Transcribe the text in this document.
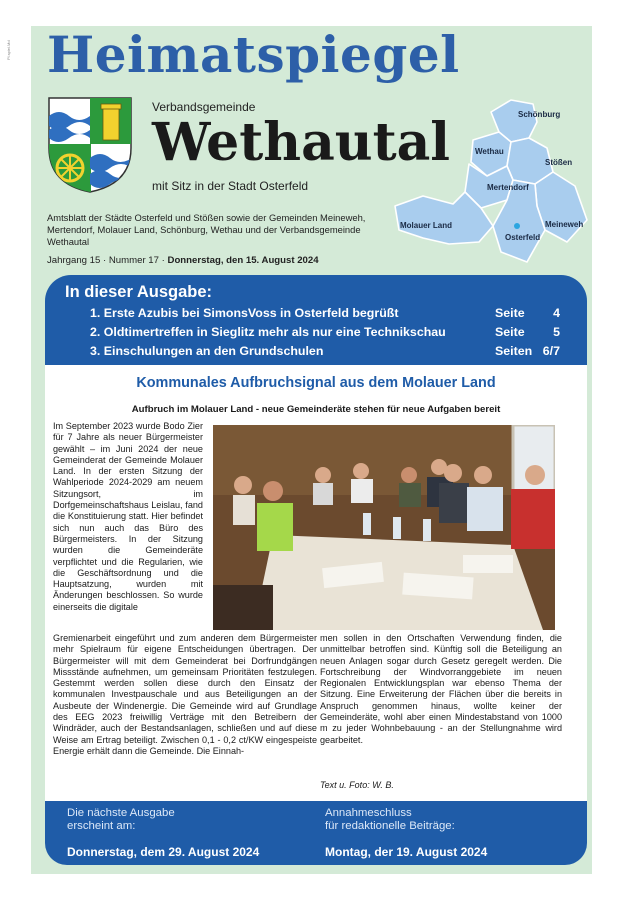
Pl.spiel.Md Heimatspiegel
Verbandsgemeinde
Wethautal
mit Sitz in der Stadt Osterfeld
Schönburg
Wethau
Stößen
Mertendorf
Meineweh
Molauer Land
Osterfeld
Amtsblatt der Städte Osterfeld und Stößen sowie der Gemeinden Meineweh, Mertendorf, Molauer Land, Schönburg, Wethau und der Verbandsgemeinde Wethautal
Jahrgang 15 · Nummer 17 · Donnerstag, den 15. August 2024
In dieser Ausgabe:
1. Erste Azubis bei SimonsVoss in Osterfeld begrüßt	Seite 4
2. Oldtimertreffen in Sieglitz mehr als nur eine Technikschau	Seite 5
3. Einschulungen an den Grundschulen	Seiten 6/7
Kommunales Aufbruchsignal aus dem Molauer Land
Aufbruch im Molauer Land - neue Gemeinderäte stehen für neue Aufgaben bereit
Im September 2023 wurde Bodo Zier für 7 Jahre als neuer Bürgermeister gewählt – im Juni 2024 der neue Gemeinderat der Gemeinde Molauer Land. In der ersten Sitzung der Wahlperiode 2024-2029 am neuem Sitzungsort, im Dorfgemeinschaftshaus Leislau, fand die Konstituierung statt. Hier befindet sich nun auch das Büro des Bürgermeisters. In der Sitzung wurden die Gemeinderäte verpflichtet und die Regularien, wie die Geschäftsordnung und die Hauptsatzung, wurden mit Änderungen beschlossen. So wurde einerseits die digitale
Gremienarbeit eingeführt und zum anderen dem Bürgermeister mehr Spielraum für eigene Entscheidungen übertragen. Der Bürgermeister will mit dem Gemeinderat bei Dorfrundgängen Missstände aufnehmen, um gemeinsam Prioritäten festzulegen. Gestemmt werden sollen diese durch den Einsatz der kommunalen Investpauschale und aus Beteiligungen an der Ausbeute der Windenergie. Die Gemeinde wird auf Grundlage des EEG 2023 freiwillig Verträge mit den Betreibern der Windräder, auch der Bestandsanlagen, schließen und auf diese Weise am Ertrag beteiligt. Zwischen 0,1 - 0,2 ct/KW eingespeiste Energie erhält dann die Gemeinde. Die Einnah-
men sollen in den Ortschaften Verwendung finden, die unmittelbar betroffen sind. Künftig soll die Beteiligung an neuen Anlagen sogar durch Gesetz geregelt werden. Die Fortschreibung der Windvorranggebiete im neuen Regionalen Entwicklungsplan war ebenso Thema der Sitzung. Eine Erweiterung der Flächen über die bereits in Anspruch genommen hinaus, wollte keiner der Gemeinderäte, wohl aber einen Mindestabstand von 1000 m zu jeder Wohnbebauung - an der Stellungnahme wird gearbeitet.
Text u. Foto: W. B.
Die nächste Ausgabe
erscheint am:
Donnerstag, dem 29. August 2024
Annahmeschluss
für redaktionelle Beiträge:
Montag, der 19. August 2024
